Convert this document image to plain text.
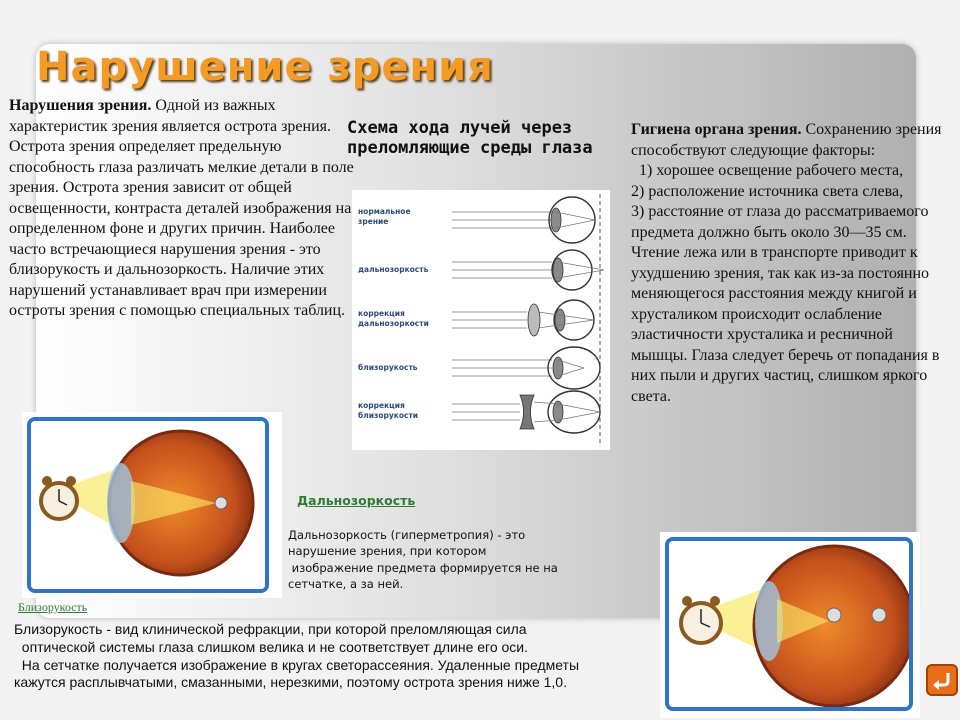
Нарушение зрения
Нарушения зрения. Одной из важных характеристик зрения является острота зрения. Острота зрения определяет предельную способность глаза различать мелкие детали в поле зрения. Острота зрения зависит от общей освещенности, контраста деталей изображения на определенном фоне и других причин. Наиболее часто встречающиеся нарушения зрения - это близорукость и дальнозоркость. Наличие этих нарушений устанавливает врач при измерении остроты зрения с помощью специальных таблиц.
Схема хода лучей через преломляющие среды глаза
нормальное
зрение
дальнозоркость
коррекция
дальнозоркости
близорукость
коррекция
близорукости
Гигиена органа зрения. Сохранению зрения способствуют следующие факторы:
1) хорошее освещение рабочего места,
2) расположение источника света слева,
3) расстояние от глаза до рассматриваемого предмета должно быть около 30—35 см.
Чтение лежа или в транспорте приводит к ухудшению зрения, так как из-за постоянно меняющегося расстояния между книгой и хрусталиком происходит ослабление эластичности хрусталика и ресничной мышцы. Глаза следует беречь от попадания в них пыли и других частиц, слишком яркого света.
Дальнозоркость
Дальнозоркость (гиперметропия) - это
нарушение зрения, при котором
изображение предмета формируется не на
сетчатке, а за ней.
Близорукость
Близорукость - вид клинической рефракции, при которой преломляющая сила
оптической системы глаза слишком велика и не соответствует длине его оси.
На сетчатке получается изображение в кругах светорассеяния. Удаленные предметы
кажутся расплывчатыми, смазанными, нерезкими, поэтому острота зрения ниже 1,0.
